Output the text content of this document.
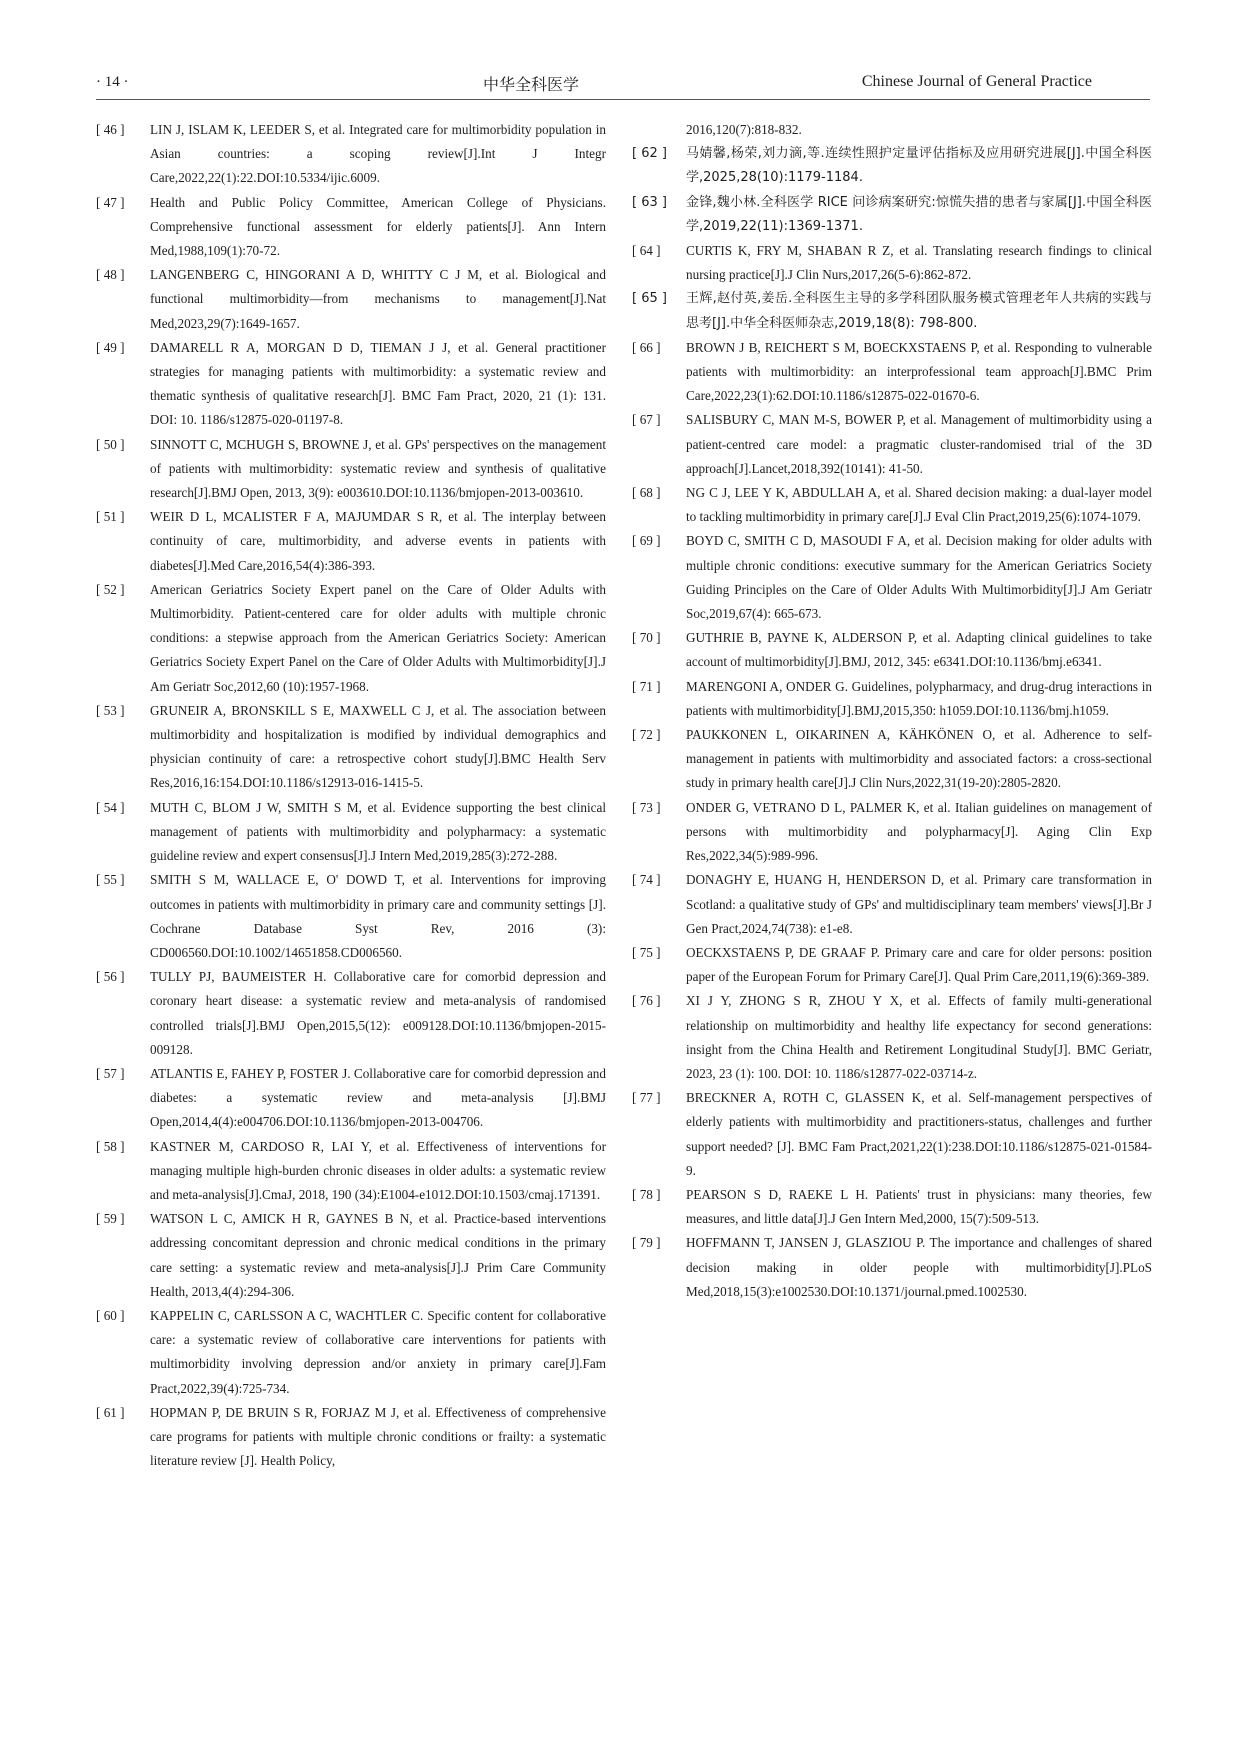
· 14 ·	中华全科医学	Chinese Journal of General Practice
[ 46 ] LIN J, ISLAM K, LEEDER S, et al. Integrated care for multimorbidity population in Asian countries: a scoping review[J].Int J Integr Care,2022,22(1):22.DOI:10.5334/ijic.6009.
[ 47 ] Health and Public Policy Committee, American College of Physicians. Comprehensive functional assessment for elderly patients[J]. Ann Intern Med,1988,109(1):70-72.
[ 48 ] LANGENBERG C, HINGORANI A D, WHITTY C J M, et al. Biological and functional multimorbidity—from mechanisms to management[J].Nat Med,2023,29(7):1649-1657.
[ 49 ] DAMARELL R A, MORGAN D D, TIEMAN J J, et al. General practitioner strategies for managing patients with multimorbidity: a systematic review and thematic synthesis of qualitative research[J]. BMC Fam Pract, 2020, 21 (1): 131. DOI: 10. 1186/s12875-020-01197-8.
[ 50 ] SINNOTT C, MCHUGH S, BROWNE J, et al. GPs' perspectives on the management of patients with multimorbidity: systematic review and synthesis of qualitative research[J].BMJ Open, 2013, 3(9): e003610.DOI:10.1136/bmjopen-2013-003610.
[ 51 ] WEIR D L, MCALISTER F A, MAJUMDAR S R, et al. The interplay between continuity of care, multimorbidity, and adverse events in patients with diabetes[J].Med Care,2016,54(4):386-393.
[ 52 ] American Geriatrics Society Expert panel on the Care of Older Adults with Multimorbidity. Patient-centered care for older adults with multiple chronic conditions: a stepwise approach from the American Geriatrics Society: American Geriatrics Society Expert Panel on the Care of Older Adults with Multimorbidity[J].J Am Geriatr Soc,2012,60 (10):1957-1968.
[ 53 ] GRUNEIR A, BRONSKILL S E, MAXWELL C J, et al. The association between multimorbidity and hospitalization is modified by individual demographics and physician continuity of care: a retrospective cohort study[J].BMC Health Serv Res,2016,16:154.DOI:10.1186/s12913-016-1415-5.
[ 54 ] MUTH C, BLOM J W, SMITH S M, et al. Evidence supporting the best clinical management of patients with multimorbidity and polypharmacy: a systematic guideline review and expert consensus[J].J Intern Med,2019,285(3):272-288.
[ 55 ] SMITH S M, WALLACE E, O' DOWD T, et al. Interventions for improving outcomes in patients with multimorbidity in primary care and community settings [J]. Cochrane Database Syst Rev, 2016 (3): CD006560.DOI:10.1002/14651858.CD006560.
[ 56 ] TULLY PJ, BAUMEISTER H. Collaborative care for comorbid depression and coronary heart disease: a systematic review and meta-analysis of randomised controlled trials[J].BMJ Open,2015,5(12): e009128.DOI:10.1136/bmjopen-2015-009128.
[ 57 ] ATLANTIS E, FAHEY P, FOSTER J. Collaborative care for comorbid depression and diabetes: a systematic review and meta-analysis [J].BMJ Open,2014,4(4):e004706.DOI:10.1136/bmjopen-2013-004706.
[ 58 ] KASTNER M, CARDOSO R, LAI Y, et al. Effectiveness of interventions for managing multiple high-burden chronic diseases in older adults: a systematic review and meta-analysis[J].CmaJ, 2018, 190 (34):E1004-e1012.DOI:10.1503/cmaj.171391.
[ 59 ] WATSON L C, AMICK H R, GAYNES B N, et al. Practice-based interventions addressing concomitant depression and chronic medical conditions in the primary care setting: a systematic review and meta-analysis[J].J Prim Care Community Health, 2013,4(4):294-306.
[ 60 ] KAPPELIN C, CARLSSON A C, WACHTLER C. Specific content for collaborative care: a systematic review of collaborative care interventions for patients with multimorbidity involving depression and/or anxiety in primary care[J].Fam Pract,2022,39(4):725-734.
[ 61 ] HOPMAN P, DE BRUIN S R, FORJAZ M J, et al. Effectiveness of comprehensive care programs for patients with multiple chronic conditions or frailty: a systematic literature review [J]. Health Policy,
2016,120(7):818-832.
[ 62 ] 马婧馨,杨荣,刘力滴,等.连续性照护定量评估指标及应用研究进展[J].中国全科医学,2025,28(10):1179-1184.
[ 63 ] 金锋,魏小林.全科医学 RICE 问诊病案研究:惊慌失措的患者与家属[J].中国全科医学,2019,22(11):1369-1371.
[ 64 ] CURTIS K, FRY M, SHABAN R Z, et al. Translating research findings to clinical nursing practice[J].J Clin Nurs,2017,26(5-6):862-872.
[ 65 ] 王辉,赵付英,姜岳.全科医生主导的多学科团队服务模式管理老年人共病的实践与思考[J].中华全科医师杂志,2019,18(8): 798-800.
[ 66 ] BROWN J B, REICHERT S M, BOECKXSTAENS P, et al. Responding to vulnerable patients with multimorbidity: an interprofessional team approach[J].BMC Prim Care,2022,23(1):62.DOI:10.1186/s12875-022-01670-6.
[ 67 ] SALISBURY C, MAN M-S, BOWER P, et al. Management of multimorbidity using a patient-centred care model: a pragmatic cluster-randomised trial of the 3D approach[J].Lancet,2018,392(10141): 41-50.
[ 68 ] NG C J, LEE Y K, ABDULLAH A, et al. Shared decision making: a dual-layer model to tackling multimorbidity in primary care[J].J Eval Clin Pract,2019,25(6):1074-1079.
[ 69 ] BOYD C, SMITH C D, MASOUDI F A, et al. Decision making for older adults with multiple chronic conditions: executive summary for the American Geriatrics Society Guiding Principles on the Care of Older Adults With Multimorbidity[J].J Am Geriatr Soc,2019,67(4): 665-673.
[ 70 ] GUTHRIE B, PAYNE K, ALDERSON P, et al. Adapting clinical guidelines to take account of multimorbidity[J].BMJ, 2012, 345: e6341.DOI:10.1136/bmj.e6341.
[ 71 ] MARENGONI A, ONDER G. Guidelines, polypharmacy, and drug-drug interactions in patients with multimorbidity[J].BMJ,2015,350: h1059.DOI:10.1136/bmj.h1059.
[ 72 ] PAUKKONEN L, OIKARINEN A, KÄHKÖNEN O, et al. Adherence to self-management in patients with multimorbidity and associated factors: a cross-sectional study in primary health care[J].J Clin Nurs,2022,31(19-20):2805-2820.
[ 73 ] ONDER G, VETRANO D L, PALMER K, et al. Italian guidelines on management of persons with multimorbidity and polypharmacy[J]. Aging Clin Exp Res,2022,34(5):989-996.
[ 74 ] DONAGHY E, HUANG H, HENDERSON D, et al. Primary care transformation in Scotland: a qualitative study of GPs' and multidisciplinary team members' views[J].Br J Gen Pract,2024,74(738): e1-e8.
[ 75 ] OECKXSTAENS P, DE GRAAF P. Primary care and care for older persons: position paper of the European Forum for Primary Care[J]. Qual Prim Care,2011,19(6):369-389.
[ 76 ] XI J Y, ZHONG S R, ZHOU Y X, et al. Effects of family multi-generational relationship on multimorbidity and healthy life expectancy for second generations: insight from the China Health and Retirement Longitudinal Study[J]. BMC Geriatr, 2023, 23 (1): 100. DOI: 10. 1186/s12877-022-03714-z.
[ 77 ] BRECKNER A, ROTH C, GLASSEN K, et al. Self-management perspectives of elderly patients with multimorbidity and practitioners-status, challenges and further support needed? [J]. BMC Fam Pract,2021,22(1):238.DOI:10.1186/s12875-021-01584-9.
[ 78 ] PEARSON S D, RAEKE L H. Patients' trust in physicians: many theories, few measures, and little data[J].J Gen Intern Med,2000, 15(7):509-513.
[ 79 ] HOFFMANN T, JANSEN J, GLASZIOU P. The importance and challenges of shared decision making in older people with multimorbidity[J].PLoS Med,2018,15(3):e1002530.DOI:10.1371/journal.pmed.1002530.
